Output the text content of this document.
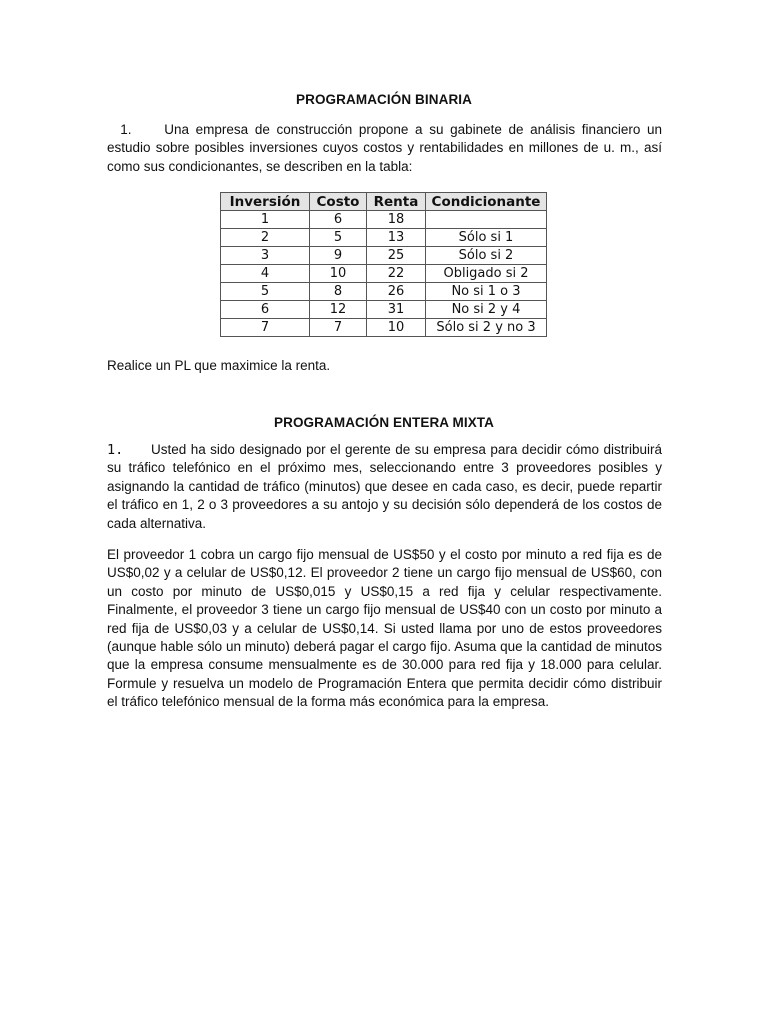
PROGRAMACIÓN BINARIA

1. Una empresa de construcción propone a su gabinete de análisis financiero un estudio sobre posibles inversiones cuyos costos y rentabilidades en millones de u. m., así como sus condicionantes, se describen en la tabla:

Inversión	Costo	Renta	Condicionante
1	6	18	
2	5	13	Sólo si 1
3	9	25	Sólo si 2
4	10	22	Obligado si 2
5	8	26	No si 1 o 3
6	12	31	No si 2 y 4
7	7	10	Sólo si 2 y no 3

Realice un PL que maximice la renta.

PROGRAMACIÓN ENTERA MIXTA

1. Usted ha sido designado por el gerente de su empresa para decidir cómo distribuirá su tráfico telefónico en el próximo mes, seleccionando entre 3 proveedores posibles y asignando la cantidad de tráfico (minutos) que desee en cada caso, es decir, puede repartir el tráfico en 1, 2 o 3 proveedores a su antojo y su decisión sólo dependerá de los costos de cada alternativa.

El proveedor 1 cobra un cargo fijo mensual de US$50 y el costo por minuto a red fija es de US$0,02 y a celular de US$0,12. El proveedor 2 tiene un cargo fijo mensual de US$60, con un costo por minuto de US$0,015 y US$0,15 a red fija y celular respectivamente. Finalmente, el proveedor 3 tiene un cargo fijo mensual de US$40 con un costo por minuto a red fija de US$0,03 y a celular de US$0,14. Si usted llama por uno de estos proveedores (aunque hable sólo un minuto) deberá pagar el cargo fijo. Asuma que la cantidad de minutos que la empresa consume mensualmente es de 30.000 para red fija y 18.000 para celular. Formule y resuelva un modelo de Programación Entera que permita decidir cómo distribuir el tráfico telefónico mensual de la forma más económica para la empresa.
